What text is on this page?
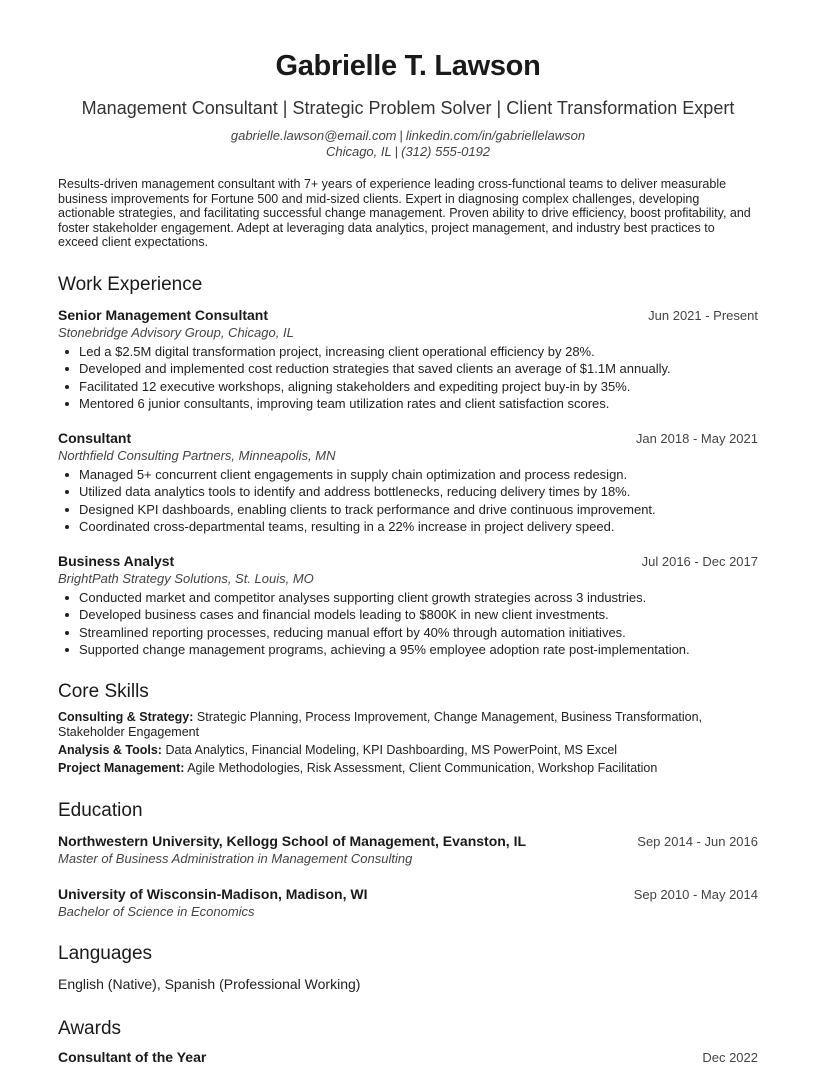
Gabrielle T. Lawson
Management Consultant | Strategic Problem Solver | Client Transformation Expert
gabrielle.lawson@email.com | linkedin.com/in/gabriellelawson
Chicago, IL | (312) 555-0192
Results-driven management consultant with 7+ years of experience leading cross-functional teams to deliver measurable business improvements for Fortune 500 and mid-sized clients. Expert in diagnosing complex challenges, developing actionable strategies, and facilitating successful change management. Proven ability to drive efficiency, boost profitability, and foster stakeholder engagement. Adept at leveraging data analytics, project management, and industry best practices to exceed client expectations.
Work Experience
Senior Management Consultant	Jun 2021 - Present
Stonebridge Advisory Group, Chicago, IL
Led a $2.5M digital transformation project, increasing client operational efficiency by 28%.
Developed and implemented cost reduction strategies that saved clients an average of $1.1M annually.
Facilitated 12 executive workshops, aligning stakeholders and expediting project buy-in by 35%.
Mentored 6 junior consultants, improving team utilization rates and client satisfaction scores.
Consultant	Jan 2018 - May 2021
Northfield Consulting Partners, Minneapolis, MN
Managed 5+ concurrent client engagements in supply chain optimization and process redesign.
Utilized data analytics tools to identify and address bottlenecks, reducing delivery times by 18%.
Designed KPI dashboards, enabling clients to track performance and drive continuous improvement.
Coordinated cross-departmental teams, resulting in a 22% increase in project delivery speed.
Business Analyst	Jul 2016 - Dec 2017
BrightPath Strategy Solutions, St. Louis, MO
Conducted market and competitor analyses supporting client growth strategies across 3 industries.
Developed business cases and financial models leading to $800K in new client investments.
Streamlined reporting processes, reducing manual effort by 40% through automation initiatives.
Supported change management programs, achieving a 95% employee adoption rate post-implementation.
Core Skills
Consulting & Strategy: Strategic Planning, Process Improvement, Change Management, Business Transformation, Stakeholder Engagement
Analysis & Tools: Data Analytics, Financial Modeling, KPI Dashboarding, MS PowerPoint, MS Excel
Project Management: Agile Methodologies, Risk Assessment, Client Communication, Workshop Facilitation
Education
Northwestern University, Kellogg School of Management, Evanston, IL	Sep 2014 - Jun 2016
Master of Business Administration in Management Consulting
University of Wisconsin-Madison, Madison, WI	Sep 2010 - May 2014
Bachelor of Science in Economics
Languages
English (Native), Spanish (Professional Working)
Awards
Consultant of the Year	Dec 2022
